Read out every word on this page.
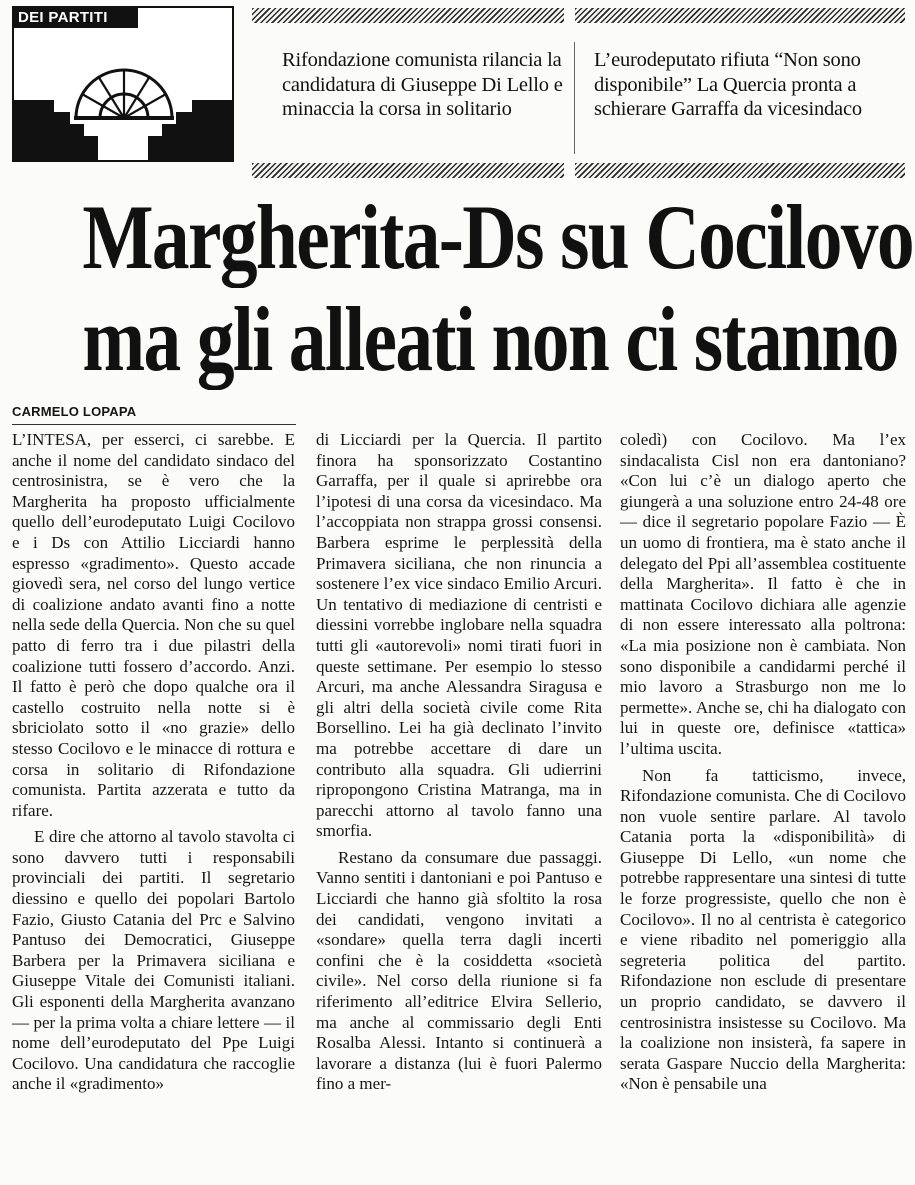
DEI PARTITI
Rifondazione comunista rilancia la candidatura di Giuseppe Di Lello e minaccia la corsa in solitario
L’eurodeputato rifiuta “Non sono disponibile” La Quercia pronta a schierare Garraffa da vicesindaco
Margherita-Ds su Cocilovo
ma gli alleati non ci stanno
CARMELO LOPAPA

L’INTESA, per esserci, ci sarebbe. E anche il nome del candidato sindaco del centrosinistra, se è vero che la Margherita ha proposto ufficialmente quello dell’eurodeputato Luigi Cocilovo e i Ds con Attilio Licciardi hanno espresso «gradimento». Questo accade giovedì sera, nel corso del lungo vertice di coalizione andato avanti fino a notte nella sede della Quercia. Non che su quel patto di ferro tra i due pilastri della coalizione tutti fossero d’accordo. Anzi. Il fatto è però che dopo qualche ora il castello costruito nella notte si è sbriciolato sotto il «no grazie» dello stesso Cocilovo e le minacce di rottura e corsa in solitario di Rifondazione comunista. Partita azzerata e tutto da rifare.

E dire che attorno al tavolo stavolta ci sono davvero tutti i responsabili provinciali dei partiti. Il segretario diessino e quello dei popolari Bartolo Fazio, Giusto Catania del Prc e Salvino Pantuso dei Democratici, Giuseppe Barbera per la Primavera siciliana e Giuseppe Vitale dei Comunisti italiani. Gli esponenti della Margherita avanzano — per la prima volta a chiare lettere — il nome dell’eurodeputato del Ppe Luigi Cocilovo. Una candidatura che raccoglie anche il «gradimento»

di Licciardi per la Quercia. Il partito finora ha sponsorizzato Costantino Garraffa, per il quale si aprirebbe ora l’ipotesi di una corsa da vicesindaco. Ma l’accoppiata non strappa grossi consensi. Barbera esprime le perplessità della Primavera siciliana, che non rinuncia a sostenere l’ex vice sindaco Emilio Arcuri. Un tentativo di mediazione di centristi e diessini vorrebbe inglobare nella squadra tutti gli «autorevoli» nomi tirati fuori in queste settimane. Per esempio lo stesso Arcuri, ma anche Alessandra Siragusa e gli altri della società civile come Rita Borsellino. Lei ha già declinato l’invito ma potrebbe accettare di dare un contributo alla squadra. Gli udierrini ripropongono Cristina Matranga, ma in parecchi attorno al tavolo fanno una smorfia.

Restano da consumare due passaggi. Vanno sentiti i dantoniani e poi Pantuso e Licciardi che hanno già sfoltito la rosa dei candidati, vengono invitati a «sondare» quella terra dagli incerti confini che è la cosiddetta «società civile». Nel corso della riunione si fa riferimento all’editrice Elvira Sellerio, ma anche al commissario degli Enti Rosalba Alessi. Intanto si continuerà a lavorare a distanza (lui è fuori Palermo fino a mer-

coledì) con Cocilovo. Ma l’ex sindacalista Cisl non era dantoniano? «Con lui c’è un dialogo aperto che giungerà a una soluzione entro 24-48 ore — dice il segretario popolare Fazio — È un uomo di frontiera, ma è stato anche il delegato del Ppi all’assemblea costituente della Margherita». Il fatto è che in mattinata Cocilovo dichiara alle agenzie di non essere interessato alla poltrona: «La mia posizione non è cambiata. Non sono disponibile a candidarmi perché il mio lavoro a Strasburgo non me lo permette». Anche se, chi ha dialogato con lui in queste ore, definisce «tattica» l’ultima uscita.

Non fa tatticismo, invece, Rifondazione comunista. Che di Cocilovo non vuole sentire parlare. Al tavolo Catania porta la «disponibilità» di Giuseppe Di Lello, «un nome che potrebbe rappresentare una sintesi di tutte le forze progressiste, quello che non è Cocilovo». Il no al centrista è categorico e viene ribadito nel pomeriggio alla segreteria politica del partito. Rifondazione non esclude di presentare un proprio candidato, se davvero il centrosinistra insistesse su Cocilovo. Ma la coalizione non insisterà, fa sapere in serata Gaspare Nuccio della Margherita: «Non è pensabile una
